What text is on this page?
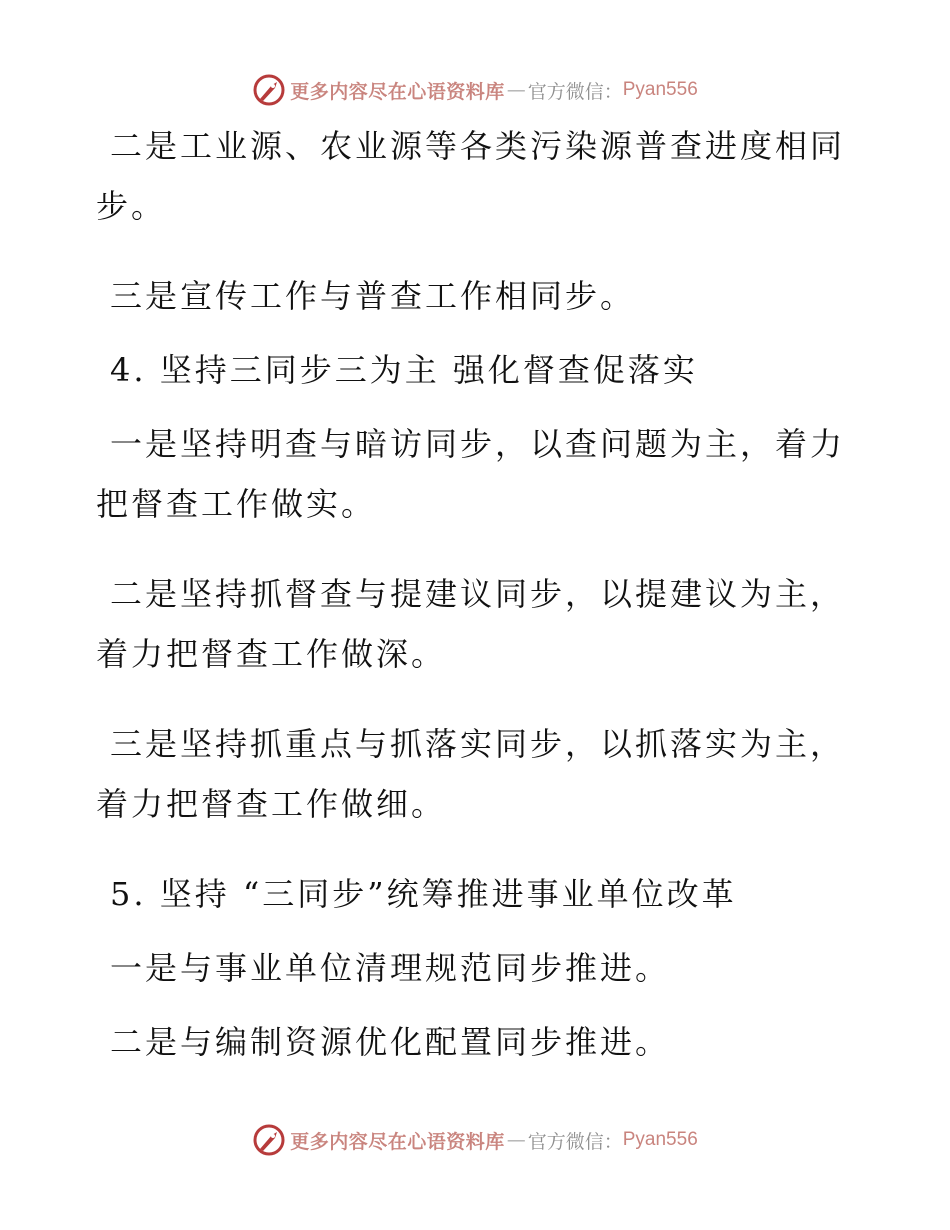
更多内容尽在心语资料库 — 官方微信： Pyan556

二是工业源、农业源等各类污染源普查进度相同步。

三是宣传工作与普查工作相同步。

4. 坚持三同步三为主 强化督查促落实

一是坚持明查与暗访同步，以查问题为主，着力把督查工作做实。

二是坚持抓督查与提建议同步，以提建议为主，着力把督查工作做深。

三是坚持抓重点与抓落实同步，以抓落实为主，着力把督查工作做细。

5. 坚持 “三同步”统筹推进事业单位改革

一是与事业单位清理规范同步推进。

二是与编制资源优化配置同步推进。

更多内容尽在心语资料库 — 官方微信： Pyan556
